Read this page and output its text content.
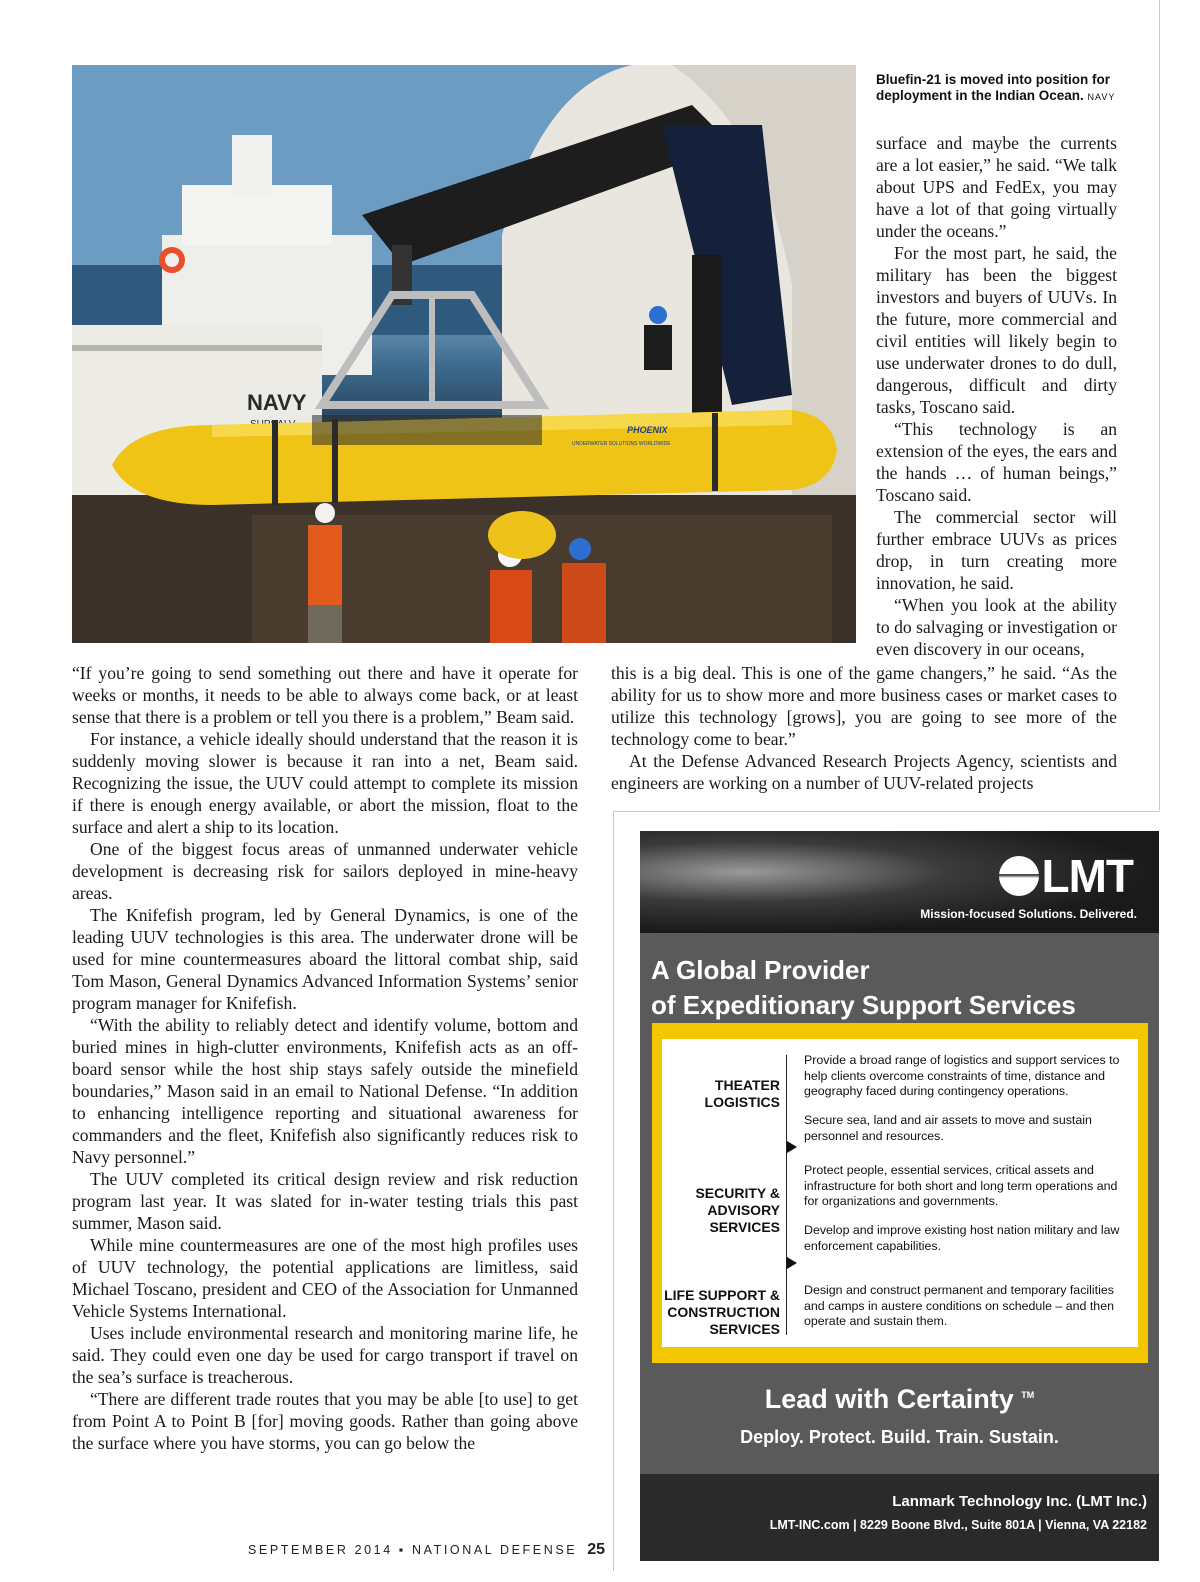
NAVY
PHOENIX
UNDERWATER SOLUTIONS WORLDWIDE
Bluefin-21 is moved into position for deployment in the Indian Ocean. NAVY

surface and maybe the currents are a lot easier,” he said. “We talk about UPS and FedEx, you may have a lot of that going virtually under the oceans.”

For the most part, he said, the military has been the biggest investors and buyers of UUVs. In the future, more commercial and civil entities will likely begin to use underwater drones to do dull, dangerous, difficult and dirty tasks, Toscano said.

“This technology is an extension of the eyes, the ears and the hands … of human beings,” Toscano said.

The commercial sector will further embrace UUVs as prices drop, in turn creating more innovation, he said.

“When you look at the ability to do salvaging or investigation or even discovery in our oceans,

this is a big deal. This is one of the game changers,” he said. “As the ability for us to show more and more business cases or market cases to utilize this technology [grows], you are going to see more of the technology come to bear.”

At the Defense Advanced Research Projects Agency, scientists and engineers are working on a number of UUV-related projects

“If you’re going to send something out there and have it operate for weeks or months, it needs to be able to always come back, or at least sense that there is a problem or tell you there is a problem,” Beam said.

For instance, a vehicle ideally should understand that the reason it is suddenly moving slower is because it ran into a net, Beam said. Recognizing the issue, the UUV could attempt to complete its mission if there is enough energy available, or abort the mission, float to the surface and alert a ship to its location.

One of the biggest focus areas of unmanned underwater vehicle development is decreasing risk for sailors deployed in mine-heavy areas.

The Knifefish program, led by General Dynamics, is one of the leading UUV technologies is this area. The underwater drone will be used for mine countermeasures aboard the littoral combat ship, said Tom Mason, General Dynamics Advanced Information Systems’ senior program manager for Knifefish.

“With the ability to reliably detect and identify volume, bottom and buried mines in high-clutter environments, Knifefish acts as an off-board sensor while the host ship stays safely outside the minefield boundaries,” Mason said in an email to National Defense. “In addition to enhancing intelligence reporting and situational awareness for commanders and the fleet, Knifefish also significantly reduces risk to Navy personnel.”

The UUV completed its critical design review and risk reduction program last year. It was slated for in-water testing trials this past summer, Mason said.

While mine countermeasures are one of the most high profiles uses of UUV technology, the potential applications are limitless, said Michael Toscano, president and CEO of the Association for Unmanned Vehicle Systems International.

Uses include environmental research and monitoring marine life, he said. They could even one day be used for cargo transport if travel on the sea’s surface is treacherous.

“There are different trade routes that you may be able [to use] to get from Point A to Point B [for] moving goods. Rather than going above the surface where you have storms, you can go below the

SEPTEMBER 2014 ▪ NATIONAL DEFENSE 25
LMT
Mission-focused Solutions. Delivered.
A Global Provider
of Expeditionary Support Services
THEATER
LOGISTICS
Provide a broad range of logistics and support services to help clients overcome constraints of time, distance and geography faced during contingency operations.
Secure sea, land and air assets to move and sustain personnel and resources.
SECURITY &
ADVISORY
SERVICES
Protect people, essential services, critical assets and infrastructure for both short and long term operations and for organizations and governments.
Develop and improve existing host nation military and law enforcement capabilities.
LIFE SUPPORT &
CONSTRUCTION
SERVICES
Design and construct permanent and temporary facilities and camps in austere conditions on schedule – and then operate and sustain them.
Lead with Certainty ™
Deploy. Protect. Build. Train. Sustain.
Lanmark Technology Inc. (LMT Inc.)
LMT-INC.com | 8229 Boone Blvd., Suite 801A | Vienna, VA 22182
